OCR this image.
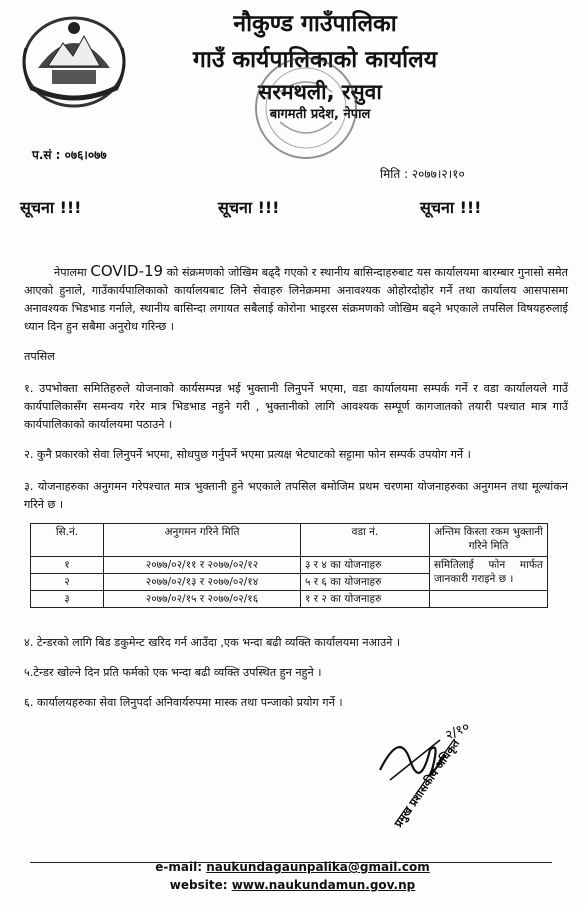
नौकुण्ड गाउँपालिका
गाउँ कार्यपालिकाको कार्यालय
सरमथली, रसुवा
बागमती प्रदेश, नेपाल
प.सं : ०७६।०७७
मिति : २०७७।२।१०
सूचना !!!	सूचना !!!	सूचना !!!
नेपालमा COVID-19 को संक्रमणको जोखिम बढ्दै गएको र स्थानीय बासिन्दाहरुबाट यस कार्यालयमा बारम्बार गुनासो समेत आएको हुनाले, गाउँकार्यपालिकाको कार्यालयबाट लिने सेवाहरु लिनेक्रममा अनावश्यक ओहोरदोहोर गर्ने तथा कार्यालय आसपासमा अनावश्यक भिडभाड गर्नाले, स्थानीय बासिन्दा लगायत सबैलाई कोरोना भाइरस संक्रमणको जोखिम बढ्ने भएकाले तपसिल विषयहरुलाई ध्यान दिन हुन सबैमा अनुरोध गरिन्छ ।
तपसिल
१. उपभोक्ता समितिहरुले योजनाको कार्यसम्पन्न भई भुक्तानी लिनुपर्ने भएमा, वडा कार्यालयमा सम्पर्क गर्ने र वडा कार्यालयले गाउँ कार्यपालिकासँग समन्वय गरेर मात्र भिडभाड नहुने गरी , भुक्तानीको लागि आवश्यक सम्पूर्ण कागजातको तयारी पश्चात मात्र गाउँ कार्यपालिकाको कार्यालयमा पठाउने ।
२. कुनै प्रकारको सेवा लिनुपर्ने भएमा, सोधपुछ गर्नुपर्ने भएमा प्रत्यक्ष भेटघाटको सट्टामा फोन सम्पर्क उपयोग गर्ने ।
३. योजनाहरुका अनुगमन गरेपश्चात मात्र भुक्तानी हुने भएकाले तपसिल बमोजिम प्रथम चरणमा योजनाहरुका अनुगमन तथा मूल्यांकन गरिने छ ।
सि.नं.	अनुगमन गरिने मिति	वडा नं.	अन्तिम किस्ता रकम भुक्तानी गरिने मिति
१	२०७७/०२/११ र २०७७/०२/१२	३ र ४ का योजनाहरु	समितिलाई फोन मार्फत जानकारी गराइने छ ।
२	२०७७/०२/१३ र २०७७/०२/१४	५ र ६ का योजनाहरु	
३	२०७७/०२/१५ र २०७७/०२/१६	१ र २ का योजनाहरु	
४. टेन्डरको लागि बिड डकुमेन्ट खरिद गर्न आउँदा ,एक भन्दा बढी व्यक्ति कार्यालयमा नआउने ।
५.टेन्डर खोल्ने दिन प्रति फर्मको एक भन्दा बढी व्यक्ति उपस्थित हुन नहुने ।
६. कार्यालयहरुका सेवा लिनुपर्दा अनिवार्यरुपमा मास्क तथा पन्जाको प्रयोग गर्ने ।
२/१०
प्रमुख प्रशासकीय अधिकृत
e-mail: naukundagaunpalika@gmail.com
website: www.naukundamun.gov.np
